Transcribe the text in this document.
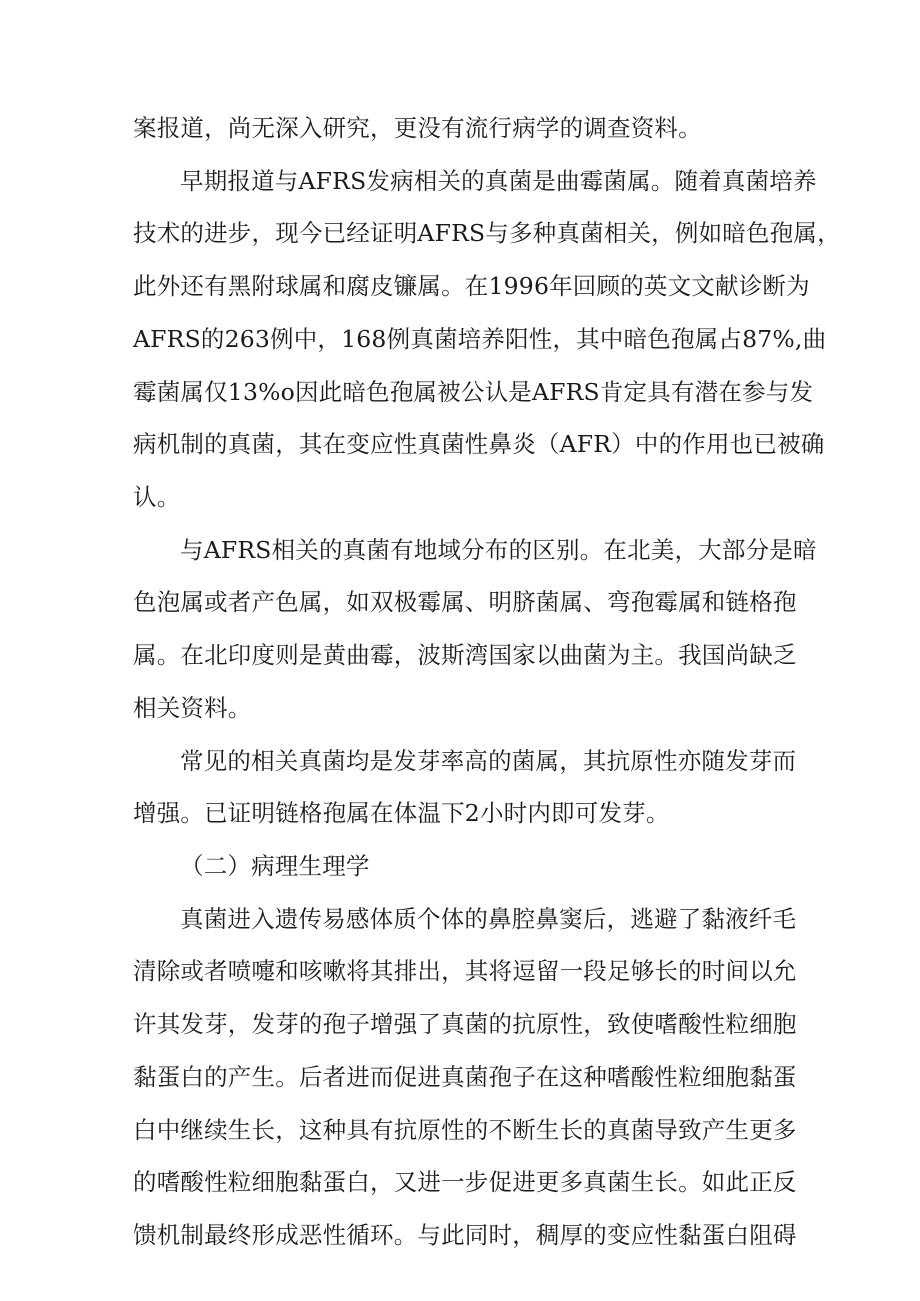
案报道，尚无深入研究，更没有流行病学的调查资料。
早期报道与AFRS发病相关的真菌是曲霉菌属。随着真菌培养
技术的进步，现今已经证明AFRS与多种真菌相关，例如暗色孢属，
此外还有黑附球属和腐皮镰属。在1996年回顾的英文文献诊断为
AFRS的263例中，168例真菌培养阳性，其中暗色孢属占87%,曲
霉菌属仅13%o因此暗色孢属被公认是AFRS肯定具有潜在参与发
病机制的真菌，其在变应性真菌性鼻炎（AFR）中的作用也已被确
认。
与AFRS相关的真菌有地域分布的区别。在北美，大部分是暗
色泡属或者产色属，如双极霉属、明脐菌属、弯孢霉属和链格孢
属。在北印度则是黄曲霉，波斯湾国家以曲菌为主。我国尚缺乏
相关资料。
常见的相关真菌均是发芽率高的菌属，其抗原性亦随发芽而
增强。已证明链格孢属在体温下2小时内即可发芽。
（二）病理生理学
真菌进入遗传易感体质个体的鼻腔鼻窦后，逃避了黏液纤毛
清除或者喷嚏和咳嗽将其排出，其将逗留一段足够长的时间以允
许其发芽，发芽的孢子增强了真菌的抗原性，致使嗜酸性粒细胞
黏蛋白的产生。后者进而促进真菌孢子在这种嗜酸性粒细胞黏蛋
白中继续生长，这种具有抗原性的不断生长的真菌导致产生更多
的嗜酸性粒细胞黏蛋白，又进一步促进更多真菌生长。如此正反
馈机制最终形成恶性循环。与此同时，稠厚的变应性黏蛋白阻碍
